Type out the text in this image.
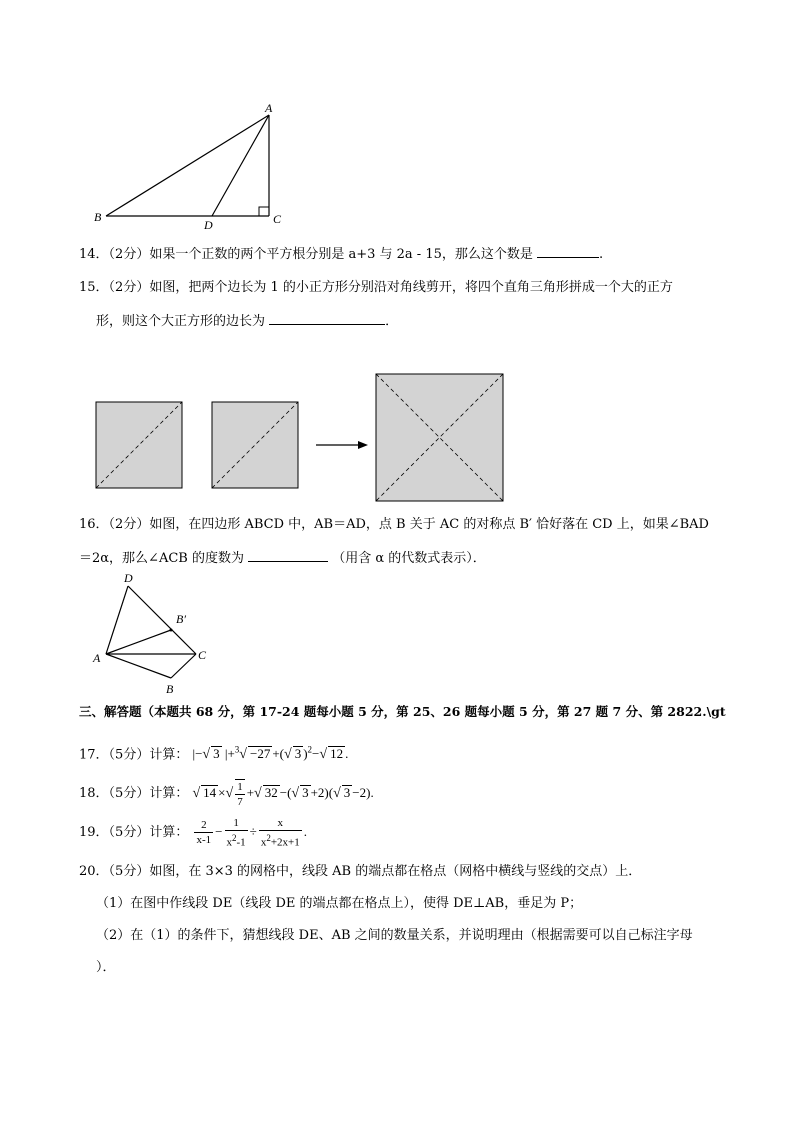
A
B	C
D
14．（2分）如果一个正数的两个平方根分别是 a+3 与 2a - 15，那么这个数是	.
15．（2分）如图，把两个边长为 1 的小正方形分别沿对角线剪开，将四个直角三角形拼成一个大的正方
形，则这个大正方形的边长为	．
16．（2分）如图，在四边形 ABCD 中，AB＝AD，点 B 关于 AC 的对称点 B′ 恰好落在 CD 上，如果∠BAD
＝2α，那么∠ACB 的度数为	（用含 α 的代数式表示）．
D
A	C
B
B′
三、解答题（本题共 68 分，第 17-24 题每小题 5 分，第 25、26 题每小题 5 分，第 27 题 7 分、第 2822.\gt
17．（5分）计算： |−√ 3 |+$^3$√ −27 +(√ 3 )$^2$−√ 12 .
18．（5分）计算： √ 14 ×√ $\frac{1}{7}$ +√ 32 −(√ 3 +2)(√ 3 −2).
19．（5分）计算： $\frac{2}{x-1} - \frac{1}{x^2-1} \div \frac{x}{x^2+2x+1}$ .
20．（5分）如图，在 3×3 的网格中，线段 AB 的端点都在格点（网格中横线与竖线的交点）上．
（1）在图中作线段 DE（线段 DE 的端点都在格点上），使得 DE⊥AB，垂足为 P；
（2）在（1）的条件下，猜想线段 DE、AB 之间的数量关系，并说明理由（根据需要可以自己标注字母
）．
